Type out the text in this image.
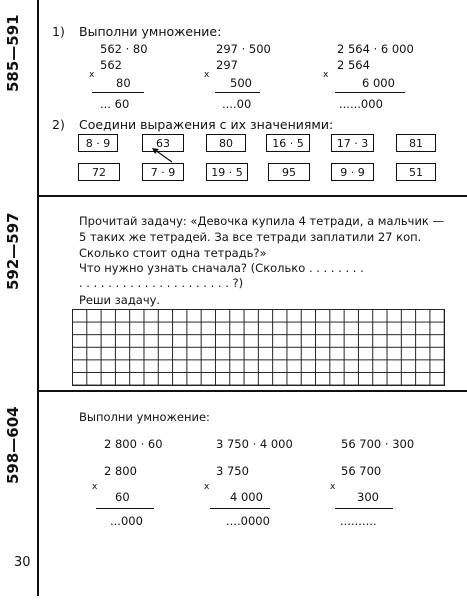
585—591
592—597
598—604
1) Выполни умножение:
562 · 80	297 · 500	2 564 · 6 000
562	297	2 564
x	x	x
80	500	6 000
... 60	....00	......000
2) Соедини выражения с их значениями:
8 · 9	63	80	16 · 5	17 · 3	81
72	7 · 9	19 · 5	95	9 · 9	51
Прочитай задачу: «Девочка купила 4 тетради, а мальчик —
5 таких же тетрадей. За все тетради заплатили 27 коп.
Сколько стоит одна тетрадь?»
Что нужно узнать сначала? (Сколько . . . . . . . .
. . . . . . . . . . . . . . . . . . . . . ?)
Реши задачу.
Выполни умножение:
2 800 · 60	3 750 · 4 000	56 700 · 300
2 800	3 750	56 700
x	x	x
60	4 000	300
...000	....0000	..........
30
